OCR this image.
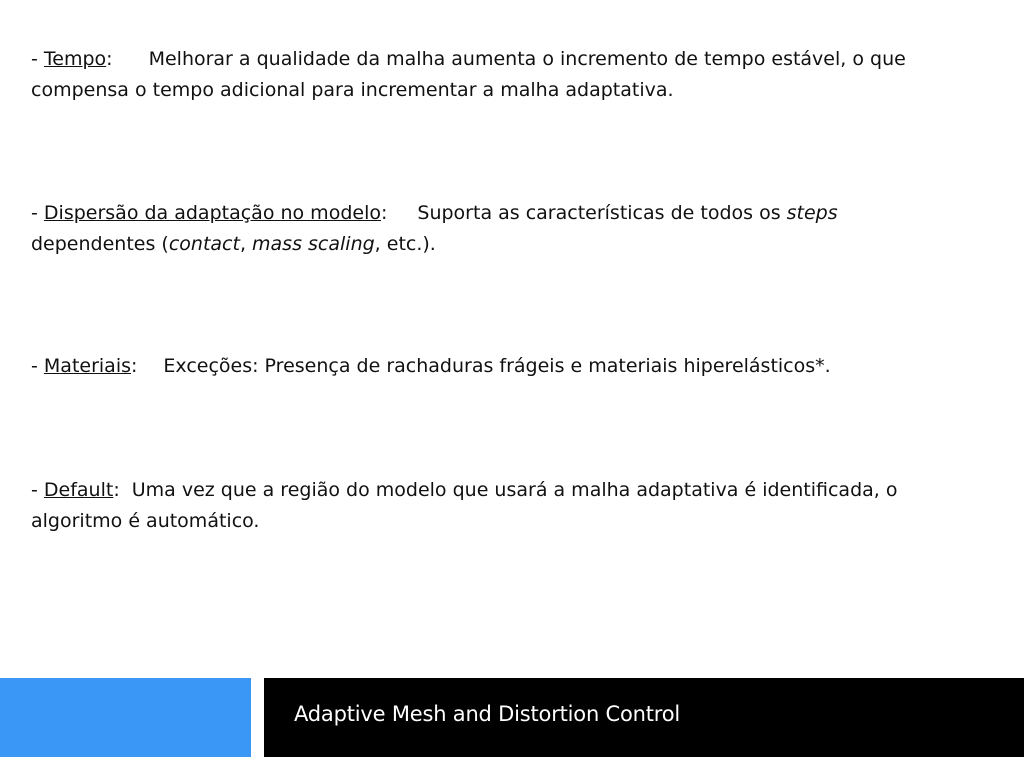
- Tempo: Melhorar a qualidade da malha aumenta o incremento de tempo estável, o que compensa o tempo adicional para incrementar a malha adaptativa.

- Dispersão da adaptação no modelo: Suporta as características de todos os steps dependentes (contact, mass scaling, etc.).

- Materiais: Exceções: Presença de rachaduras frágeis e materiais hiperelásticos*.

- Default: Uma vez que a região do modelo que usará a malha adaptativa é identificada, o algoritmo é automático.

Adaptive Mesh and Distortion Control
